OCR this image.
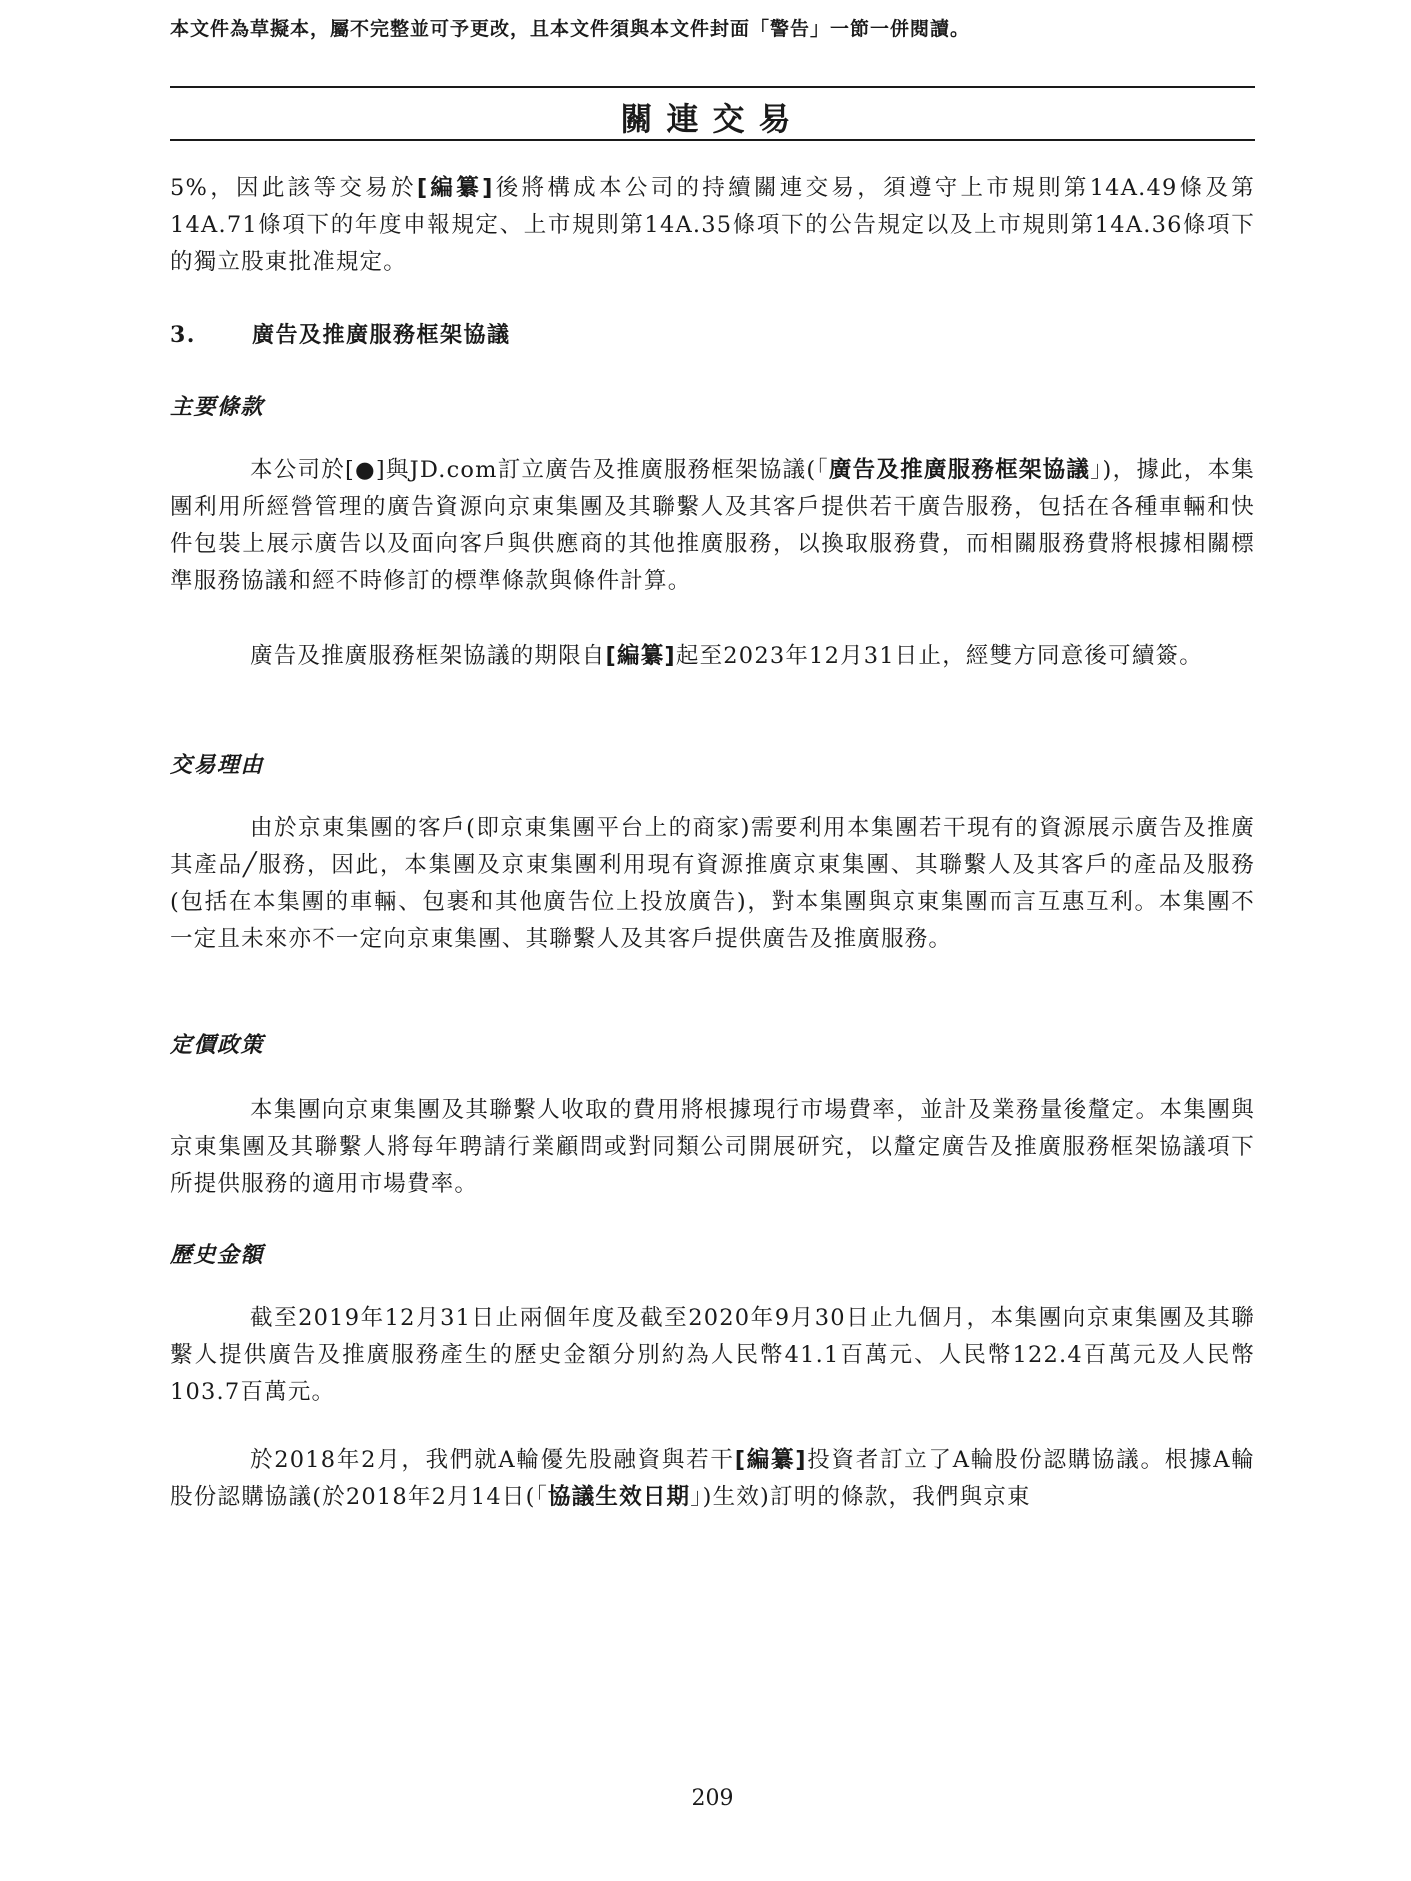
本文件為草擬本，屬不完整並可予更改，且本文件須與本文件封面「警告」一節一併閱讀。
關連交易

5%，因此該等交易於[編纂]後將構成本公司的持續關連交易，須遵守上市規則第14A.49條及第14A.71條項下的年度申報規定、上市規則第14A.35條項下的公告規定以及上市規則第14A.36條項下的獨立股東批准規定。

3.	廣告及推廣服務框架協議
主要條款

本公司於[●]與JD.com訂立廣告及推廣服務框架協議(「廣告及推廣服務框架協議」)，據此，本集團利用所經營管理的廣告資源向京東集團及其聯繫人及其客戶提供若干廣告服務，包括在各種車輛和快件包裝上展示廣告以及面向客戶與供應商的其他推廣服務，以換取服務費，而相關服務費將根據相關標準服務協議和經不時修訂的標準條款與條件計算。

廣告及推廣服務框架協議的期限自[編纂]起至2023年12月31日止，經雙方同意後可續簽。

交易理由

由於京東集團的客戶(即京東集團平台上的商家)需要利用本集團若干現有的資源展示廣告及推廣其產品╱服務，因此，本集團及京東集團利用現有資源推廣京東集團、其聯繫人及其客戶的產品及服務(包括在本集團的車輛、包裹和其他廣告位上投放廣告)，對本集團與京東集團而言互惠互利。本集團不一定且未來亦不一定向京東集團、其聯繫人及其客戶提供廣告及推廣服務。

定價政策

本集團向京東集團及其聯繫人收取的費用將根據現行市場費率，並計及業務量後釐定。本集團與京東集團及其聯繫人將每年聘請行業顧問或對同類公司開展研究，以釐定廣告及推廣服務框架協議項下所提供服務的適用市場費率。

歷史金額

截至2019年12月31日止兩個年度及截至2020年9月30日止九個月，本集團向京東集團及其聯繫人提供廣告及推廣服務產生的歷史金額分別約為人民幣41.1百萬元、人民幣122.4百萬元及人民幣103.7百萬元。

於2018年2月，我們就A輪優先股融資與若干[編纂]投資者訂立了A輪股份認購協議。根據A輪股份認購協議(於2018年2月14日(「協議生效日期」)生效)訂明的條款，我們與京東

209
